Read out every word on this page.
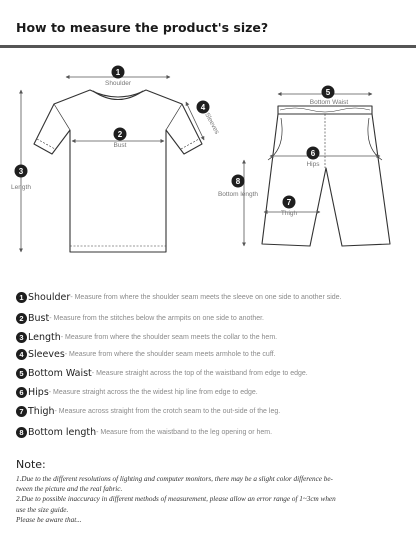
How to measure the product's size?
1
2
3
4
5
6
7
8
Shoulder
Bust
Length
Sleeves
Bottom Waist
Hips
Thigh
Bottom length
1 Shoulder- Measure from where the shoulder seam meets the sleeve on one side to another side.
2 Bust- Measure from the stitches below the armpits on one side to another.
3 Length- Measure from where the shoulder seam meets the collar to the hem.
4 Sleeves- Measure from where the shoulder seam meets armhole to the cuff.
5 Bottom Waist- Measure straight across the top of the waistband from edge to edge.
6 Hips- Measure straight across the the widest hip line from edge to edge.
7 Thigh- Measure across straight from the crotch seam to the out-side of the leg.
8 Bottom length- Measure from the waistband to the leg opening or hem.
Note:
1.Due to the different resolutions of lighting and computer monitors, there may be a slight color difference be-
tween the picture and the real fabric.
2.Due to possible inaccuracy in different methods of measurement, please allow an error range of 1~3cm when
use the size guide.
Please be aware that...
